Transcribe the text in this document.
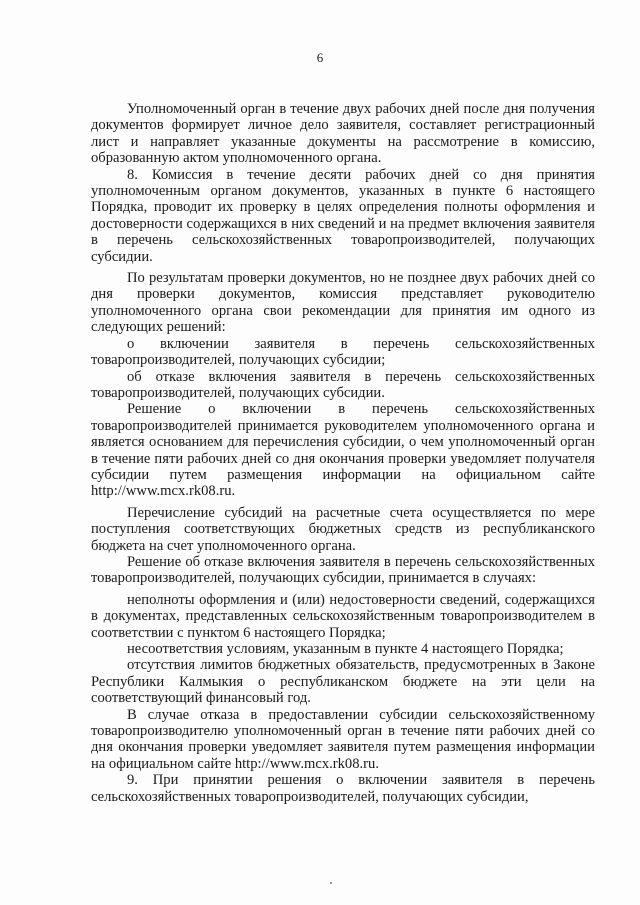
6

Уполномоченный орган в течение двух рабочих дней после дня получения документов формирует личное дело заявителя, составляет регистрационный лист и направляет указанные документы на рассмотрение в комиссию, образованную актом уполномоченного органа.

8. Комиссия в течение десяти рабочих дней со дня принятия уполномоченным органом документов, указанных в пункте 6 настоящего Порядка, проводит их проверку в целях определения полноты оформления и достоверности содержащихся в них сведений и на предмет включения заявителя в перечень сельскохозяйственных товаропроизводителей, получающих субсидии.

По результатам проверки документов, но не позднее двух рабочих дней со дня проверки документов, комиссия представляет руководителю уполномоченного органа свои рекомендации для принятия им одного из следующих решений:

о включении заявителя в перечень сельскохозяйственных товаропроизводителей, получающих субсидии;

об отказе включения заявителя в перечень сельскохозяйственных товаропроизводителей, получающих субсидии.

Решение о включении в перечень сельскохозяйственных товаропроизводителей принимается руководителем уполномоченного органа и является основанием для перечисления субсидии, о чем уполномоченный орган в течение пяти рабочих дней со дня окончания проверки уведомляет получателя субсидии путем размещения информации на официальном сайте http://www.mcx.rk08.ru.

Перечисление субсидий на расчетные счета осуществляется по мере поступления соответствующих бюджетных средств из республиканского бюджета на счет уполномоченного органа.

Решение об отказе включения заявителя в перечень сельскохозяйственных товаропроизводителей, получающих субсидии, принимается в случаях:

неполноты оформления и (или) недостоверности сведений, содержащихся в документах, представленных сельскохозяйственным товаропроизводителем в соответствии с пунктом 6 настоящего Порядка;

несоответствия условиям, указанным в пункте 4 настоящего Порядка;

отсутствия лимитов бюджетных обязательств, предусмотренных в Законе Республики Калмыкия о республиканском бюджете на эти цели на соответствующий финансовый год.

В случае отказа в предоставлении субсидии сельскохозяйственному товаропроизводителю уполномоченный орган в течение пяти рабочих дней со дня окончания проверки уведомляет заявителя путем размещения информации на официальном сайте http://www.mcx.rk08.ru.

9. При принятии решения о включении заявителя в перечень сельскохозяйственных товаропроизводителей, получающих субсидии,
